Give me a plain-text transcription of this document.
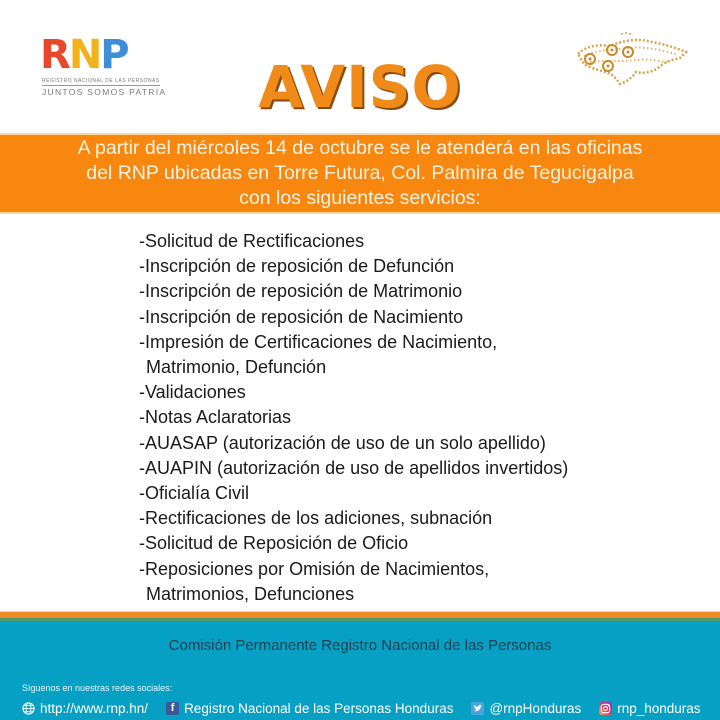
RNP
REGISTRO NACIONAL DE LAS PERSONAS
JUNTOS SOMOS PATRIA	AVISO
A partir del miércoles 14 de octubre se le atenderá en las oficinas
del RNP ubicadas en Torre Futura, Col. Palmira de Tegucigalpa
con los siguientes servicios:
-Solicitud de Rectificaciones
-Inscripción de reposición de Defunción
-Inscripción de reposición de Matrimonio
-Inscripción de reposición de Nacimiento
-Impresión de Certificaciones de Nacimiento,
Matrimonio, Defunción
-Validaciones
-Notas Aclaratorias
-AUASAP (autorización de uso de un solo apellido)
-AUAPIN (autorización de uso de apellidos invertidos)
-Oficialía Civil
-Rectificaciones de los adiciones, subnación
-Solicitud de Reposición de Oficio
-Reposiciones por Omisión de Nacimientos,
Matrimonios, Defunciones
Comisión Permanente Registro Nacional de las Personas
Síguenos en nuestras redes sociales:
http://www.rnp.hn/	f Registro Nacional de las Personas Honduras	@rnpHonduras	rnp_honduras
